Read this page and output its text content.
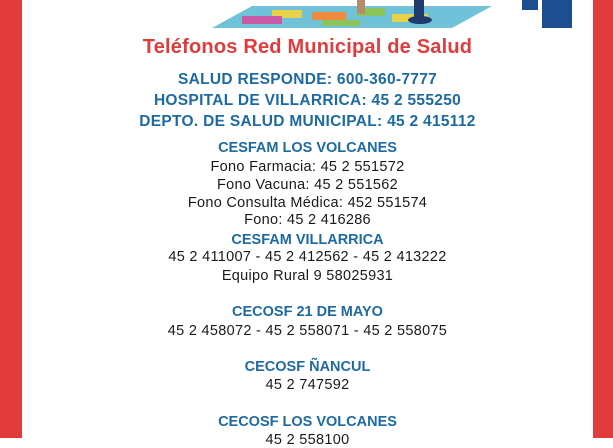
Teléfonos Red Municipal de Salud
SALUD RESPONDE: 600-360-7777
HOSPITAL DE VILLARRICA: 45 2 555250
DEPTO. DE SALUD MUNICIPAL: 45 2 415112
CESFAM LOS VOLCANES
Fono Farmacia: 45 2 551572
Fono Vacuna: 45 2 551562
Fono Consulta Médica: 452 551574
Fono: 45 2 416286
CESFAM VILLARRICA
45 2 411007 - 45 2 412562 - 45 2 413222
Equipo Rural 9 58025931
CECOSF 21 DE MAYO
45 2 458072 - 45 2 558071 - 45 2 558075
CECOSF ÑANCUL
45 2 747592
CECOSF LOS VOLCANES
45 2 558100
